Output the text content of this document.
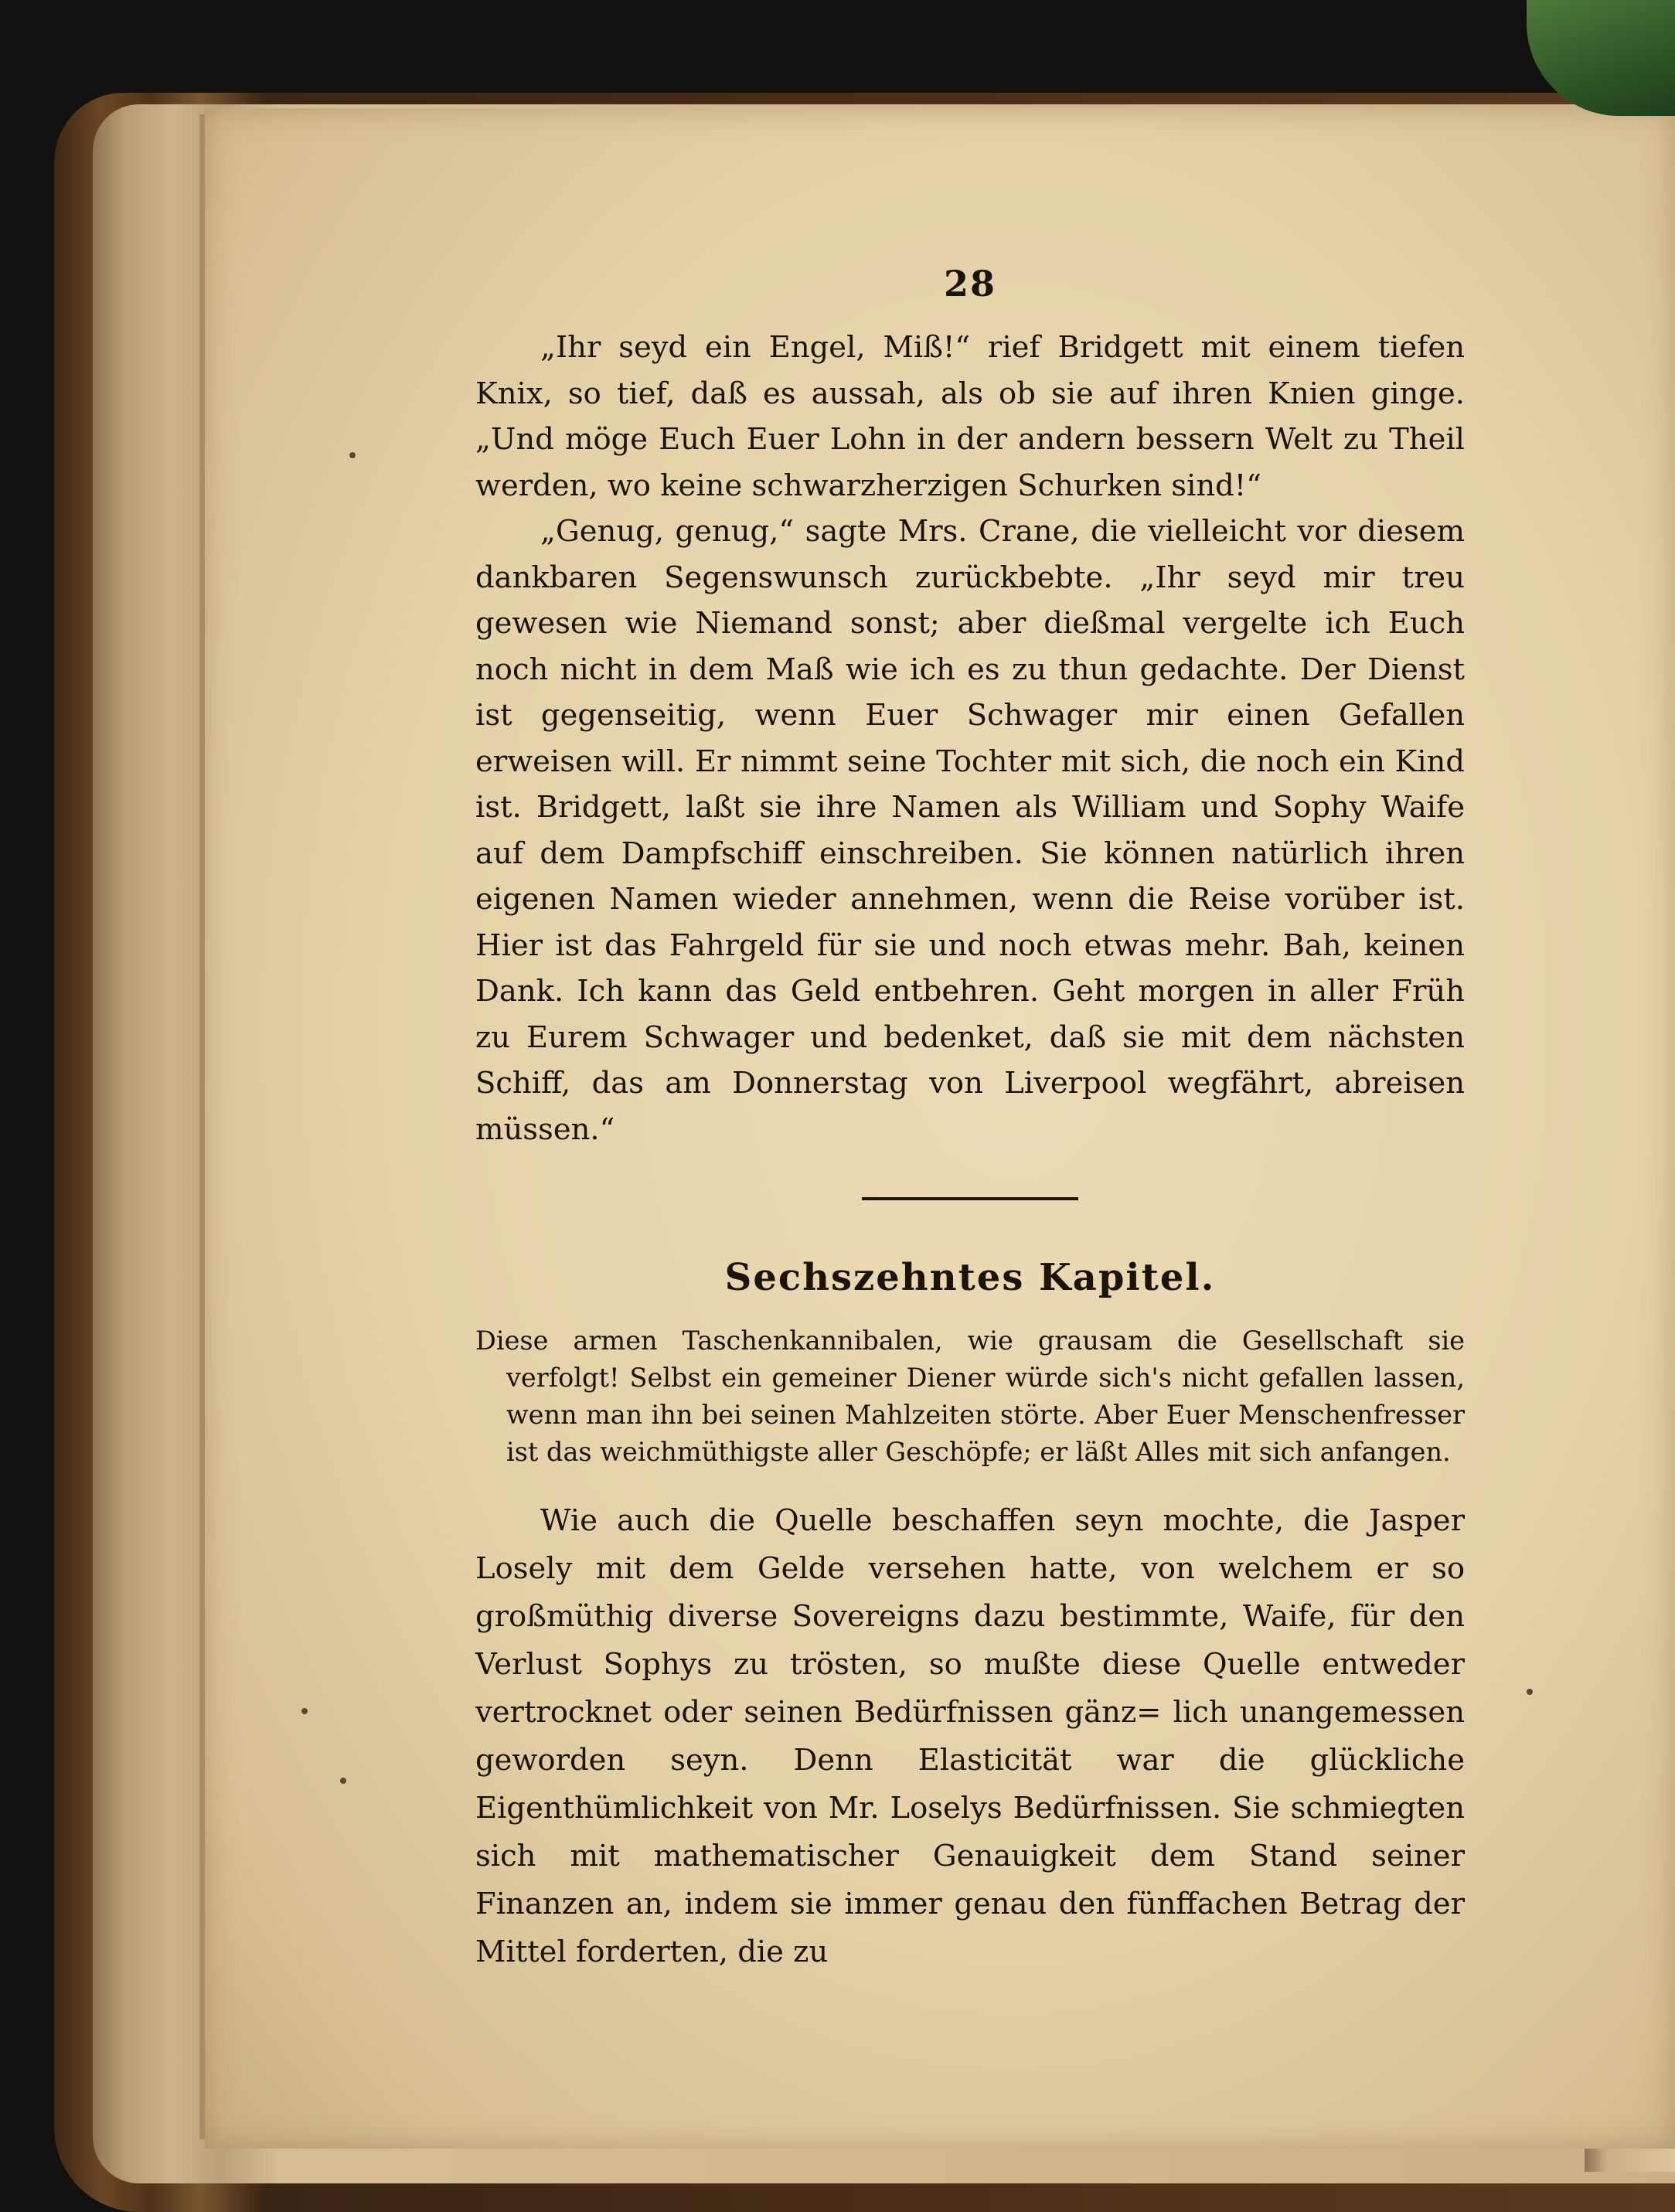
28

„Ihr seyd ein Engel, Miß!“ rief Bridgett mit einem tiefen Knix, so tief, daß es aussah, als ob sie auf ihren Knien ginge. „Und möge Euch Euer Lohn in der andern bessern Welt zu Theil werden, wo keine schwarzherzigen Schurken sind!“

„Genug, genug,“ sagte Mrs. Crane, die vielleicht vor diesem dankbaren Segenswunsch zurückbebte. „Ihr seyd mir treu gewesen wie Niemand sonst; aber dießmal vergelte ich Euch noch nicht in dem Maß wie ich es zu thun gedachte. Der Dienst ist gegenseitig, wenn Euer Schwager mir einen Gefallen erweisen will. Er nimmt seine Tochter mit sich, die noch ein Kind ist. Bridgett, laßt sie ihre Namen als William und Sophy Waife auf dem Dampfschiff einschreiben. Sie können natürlich ihren eigenen Namen wieder annehmen, wenn die Reise vorüber ist. Hier ist das Fahrgeld für sie und noch etwas mehr. Bah, keinen Dank. Ich kann das Geld entbehren. Geht morgen in aller Früh zu Eurem Schwager und bedenket, daß sie mit dem nächsten Schiff, das am Donnerstag von Liverpool wegfährt, abreisen müssen.“

Sechszehntes Kapitel.

Diese armen Taschenkannibalen, wie grausam die Gesellschaft sie verfolgt! Selbst ein gemeiner Diener würde sich's nicht gefallen lassen, wenn man ihn bei seinen Mahlzeiten störte. Aber Euer Menschenfresser ist das weichmüthigste aller Geschöpfe; er läßt Alles mit sich anfangen.

Wie auch die Quelle beschaffen seyn mochte, die Jasper Losely mit dem Gelde versehen hatte, von welchem er so großmüthig diverse Sovereigns dazu bestimmte, Waife, für den Verlust Sophys zu trösten, so mußte diese Quelle entweder vertrocknet oder seinen Bedürfnissen gänz= lich unangemessen geworden seyn. Denn Elasticität war die glückliche Eigenthümlichkeit von Mr. Loselys Bedürfnissen. Sie schmiegten sich mit mathematischer Genauigkeit dem Stand seiner Finanzen an, indem sie immer genau den fünffachen Betrag der Mittel forderten, die zu
